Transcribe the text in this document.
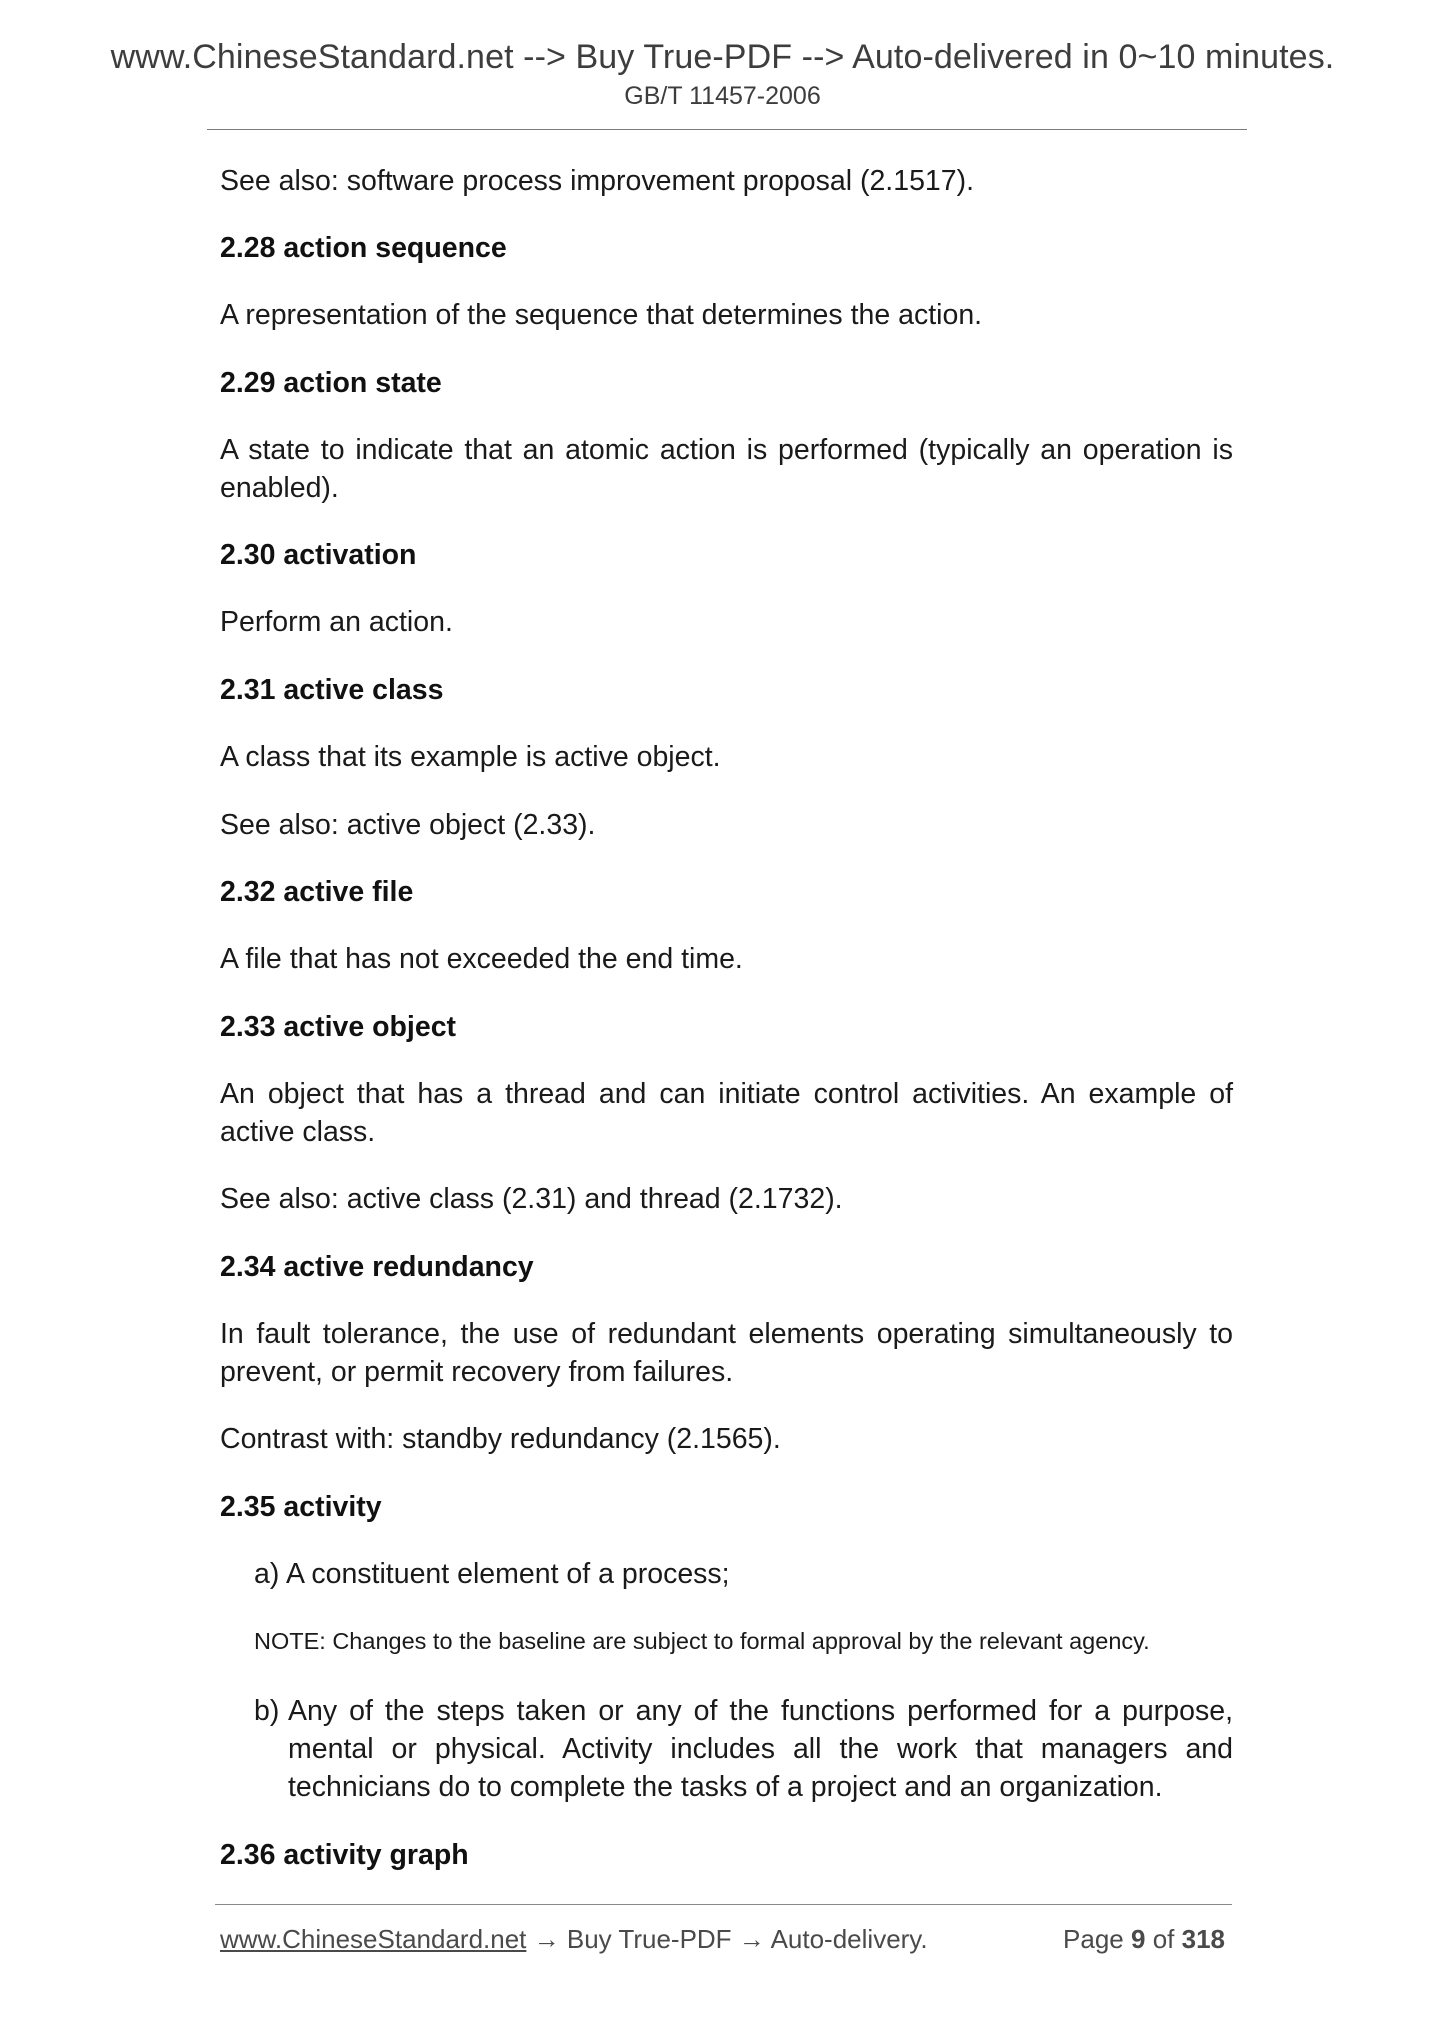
www.ChineseStandard.net --> Buy True-PDF --> Auto-delivered in 0~10 minutes.
GB/T 11457-2006

See also: software process improvement proposal (2.1517).

2.28 action sequence

A representation of the sequence that determines the action.

2.29 action state

A state to indicate that an atomic action is performed (typically an operation is enabled).

2.30 activation

Perform an action.

2.31 active class

A class that its example is active object.

See also: active object (2.33).

2.32 active file

A file that has not exceeded the end time.

2.33 active object

An object that has a thread and can initiate control activities. An example of active class.

See also: active class (2.31) and thread (2.1732).

2.34 active redundancy

In fault tolerance, the use of redundant elements operating simultaneously to prevent, or permit recovery from failures.

Contrast with: standby redundancy (2.1565).

2.35 activity

a) A constituent element of a process;

NOTE: Changes to the baseline are subject to formal approval by the relevant agency.

b) Any of the steps taken or any of the functions performed for a purpose, mental or physical. Activity includes all the work that managers and technicians do to complete the tasks of a project and an organization.

2.36 activity graph

www.ChineseStandard.net → Buy True-PDF → Auto-delivery.	Page 9 of 318
